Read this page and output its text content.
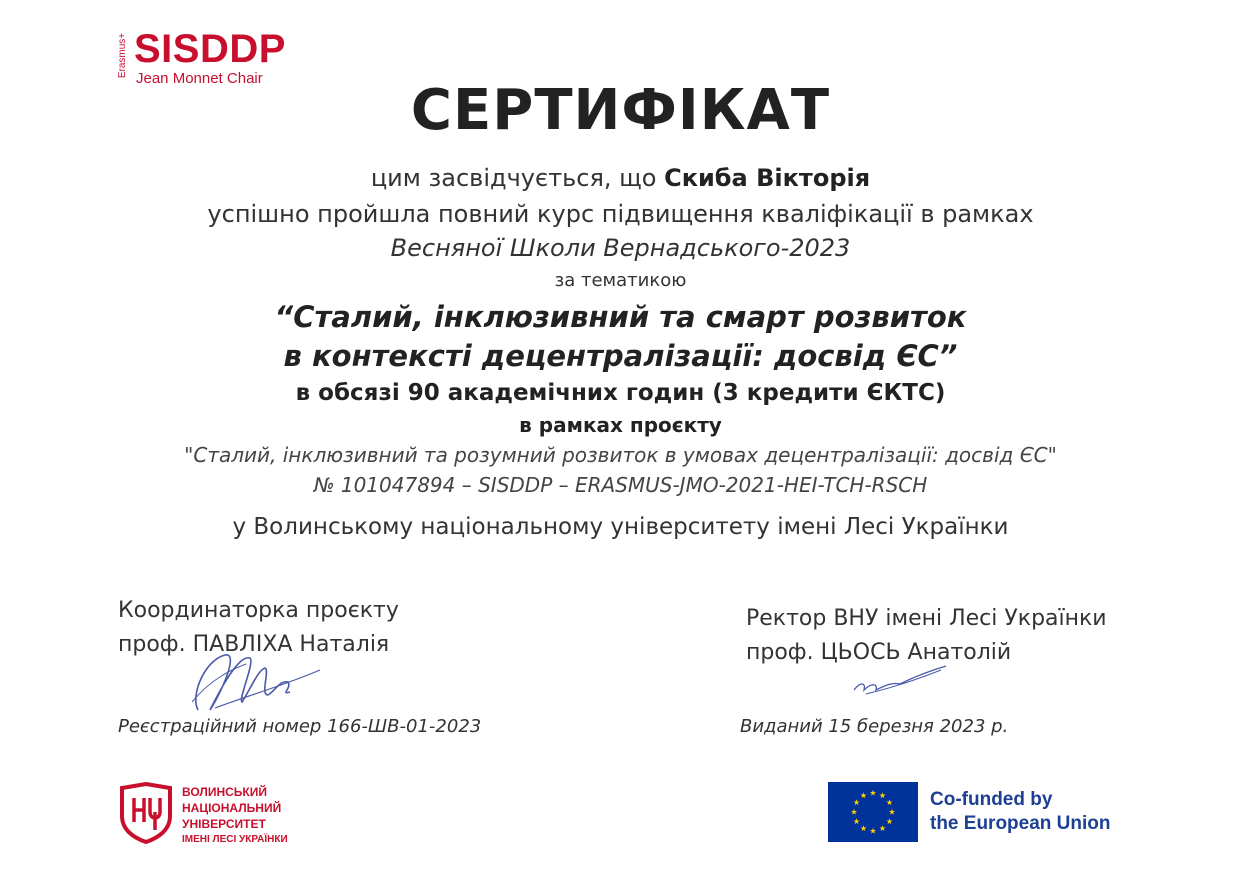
Erasmus+ SISDDP
Jean Monnet Chair	СЕРТИФІКАТ
цим засвідчується, що Скиба Вікторія
успішно пройшла повний курс підвищення кваліфікації в рамках
Весняної Школи Вернадського-2023
за тематикою
“Сталий, інклюзивний та смарт розвиток
в контексті децентралізації: досвід ЄС”
в обсязі 90 академічних годин (3 кредити ЄКТС)
в рамках проєкту
"Сталий, інклюзивний та розумний розвиток в умовах децентралізації: досвід ЄС"
№ 101047894 – SISDDP – ERASMUS-JMO-2021-HEI-TCH-RSCH
у Волинському національному університету імені Лесі Українки
Координаторка проєкту
проф. ПАВЛІХА Наталія
Ректор ВНУ імені Лесі Українки
проф. ЦЬОСЬ Анатолій
Реєстраційний номер 166-ШВ-01-2023	Виданий 15 березня 2023 р.
ВОЛИНСЬКИЙ
НАЦІОНАЛЬНИЙ
УНІВЕРСИТЕТ
ІМЕНІ ЛЕСІ УКРАЇНКИ
Co-funded by
the European Union
